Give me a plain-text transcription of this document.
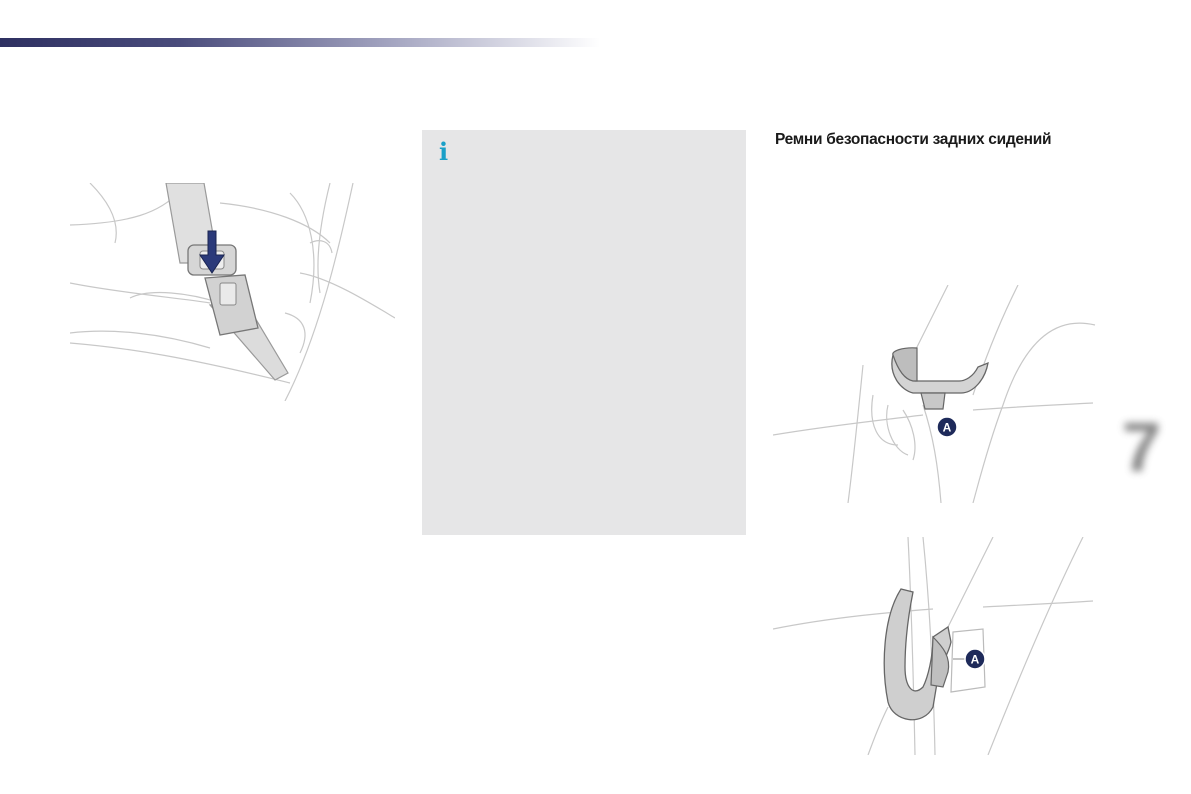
i	Ремни безопасности задних сидений
A
A
7
